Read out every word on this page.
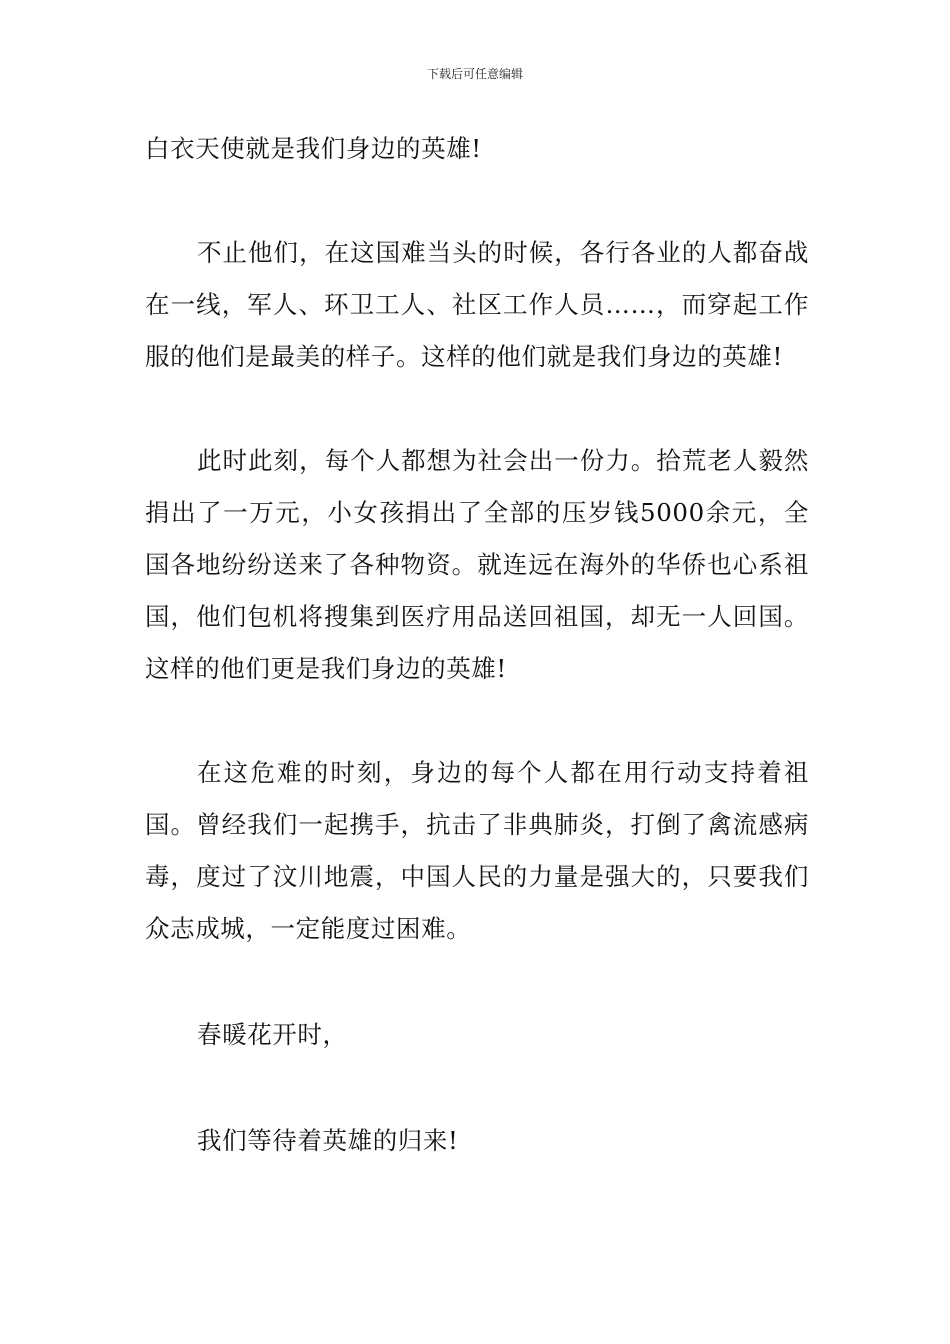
下载后可任意编辑

白衣天使就是我们身边的英雄!

不止他们，在这国难当头的时候，各行各业的人都奋战在一线，军人、环卫工人、社区工作人员……，而穿起工作服的他们是最美的样子。这样的他们就是我们身边的英雄!

此时此刻，每个人都想为社会出一份力。拾荒老人毅然捐出了一万元，小女孩捐出了全部的压岁钱5000余元，全国各地纷纷送来了各种物资。就连远在海外的华侨也心系祖国，他们包机将搜集到医疗用品送回祖国，却无一人回国。这样的他们更是我们身边的英雄!

在这危难的时刻，身边的每个人都在用行动支持着祖国。曾经我们一起携手，抗击了非典肺炎，打倒了禽流感病毒，度过了汶川地震，中国人民的力量是强大的，只要我们众志成城，一定能度过困难。

春暖花开时，

我们等待着英雄的归来!
